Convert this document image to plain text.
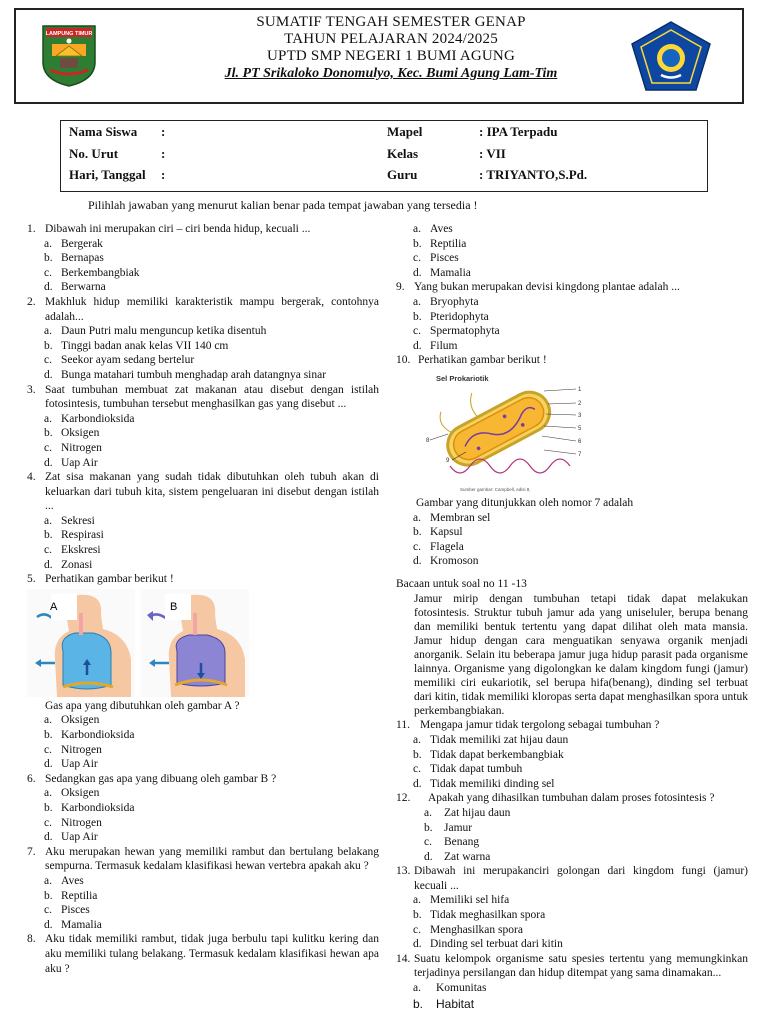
LAMPUNG TIMUR
SUMATIF TENGAH SEMESTER GENAP
TAHUN PELAJARAN 2024/2025
UPTD SMP NEGERI 1 BUMI AGUNG
Jl. PT Srikaloko Donomulyo, Kec. Bumi Agung Lam-Tim
Nama Siswa :
No. Urut	:
Hari, Tanggal :
Mapel	: IPA Terpadu
Kelas	: VII
Guru	: TRIYANTO,S.Pd.
Pilihlah jawaban yang menurut kalian benar pada tempat jawaban yang tersedia !
1. Dibawah ini merupakan ciri – ciri benda hidup, kecuali ...
a. Bergerak
b. Bernapas
c. Berkembangbiak
d. Berwarna
2. Makhluk hidup memiliki karakteristik mampu bergerak, contohnya adalah...
a. Daun Putri malu menguncup ketika disentuh
b. Tinggi badan anak kelas VII 140 cm
c. Seekor ayam sedang bertelur
d. Bunga matahari tumbuh menghadap arah datangnya sinar
3. Saat tumbuhan membuat zat makanan atau disebut dengan istilah fotosintesis, tumbuhan tersebut menghasilkan gas yang disebut ...
a. Karbondioksida
b. Oksigen
c. Nitrogen
d. Uap Air
4. Zat sisa makanan yang sudah tidak dibutuhkan oleh tubuh akan di keluarkan dari tubuh kita, sistem pengeluaran ini disebut dengan istilah ...
a. Sekresi
b. Respirasi
c. Ekskresi
d. Zonasi
5. Perhatikan gambar berikut !
A	B
Gas apa yang dibutuhkan oleh gambar A ?
a. Oksigen
b. Karbondioksida
c. Nitrogen
d. Uap Air
6. Sedangkan gas apa yang dibuang oleh gambar B ?
a. Oksigen
b. Karbondioksida
c. Nitrogen
d. Uap Air
7. Aku merupakan hewan yang memiliki rambut dan bertulang belakang sempurna. Termasuk kedalam klasifikasi hewan vertebra apakah aku ?
a. Aves
b. Reptilia
c. Pisces
d. Mamalia
8. Aku tidak memiliki rambut, tidak juga berbulu tapi kulitku kering dan aku memiliki tulang belakang. Termasuk kedalam klasifikasi hewan apa aku ?
a. Aves
b. Reptilia
c. Pisces
d. Mamalia
9. Yang bukan merupakan devisi kingdong plantae adalah ...
a. Bryophyta
b. Pteridophyta
c. Spermatophyta
d. Filum
10. Perhatikan gambar berikut !
Sel Prokariotik
1
2
3
5
6
7
8
9
Sumber gambar: Campbell, edisi 8,
Gambar yang ditunjukkan oleh nomor 7 adalah
a. Membran sel
b. Kapsul
c. Flagela
d. Kromoson

Bacaan untuk soal no 11 -13

Jamur mirip dengan tumbuhan tetapi tidak dapat melakukan fotosintesis. Struktur tubuh jamur ada yang uniseluler, berupa benang dan memiliki bentuk tertentu yang dapat dilihat oleh mata mansia. Jamur hidup dengan cara menguatikan senyawa organik menjadi anorganik. Selain itu beberapa jamur juga hidup parasit pada organisme lainnya. Organisme yang digolongkan ke dalam kingdom fungi (jamur) memiliki ciri eukariotik, sel berupa hifa(benang), dinding sel terbuat dari kitin, tidak memiliki kloropas serta dapat menghasilkan spora untuk perkembangbiakan.

11. Mengapa jamur tidak tergolong sebagai tumbuhan ?
a. Tidak memiliki zat hijau daun
b. Tidak dapat berkembangbiak
c. Tidak dapat tumbuh
d. Tidak memiliki dinding sel
12. Apakah yang dihasilkan tumbuhan dalam proses fotosintesis ?
a. Zat hijau daun
b. Jamur
c. Benang
d. Zat warna
13. Dibawah ini merupakanciri golongan dari kingdom fungi (jamur) kecuali ...
a. Memiliki sel hifa
b. Tidak meghasilkan spora
c. Menghasilkan spora
d. Dinding sel terbuat dari kitin
14. Suatu kelompok organisme satu spesies tertentu yang memungkinkan terjadinya persilangan dan hidup ditempat yang sama dinamakan...
a. Komunitas
b. Habitat
